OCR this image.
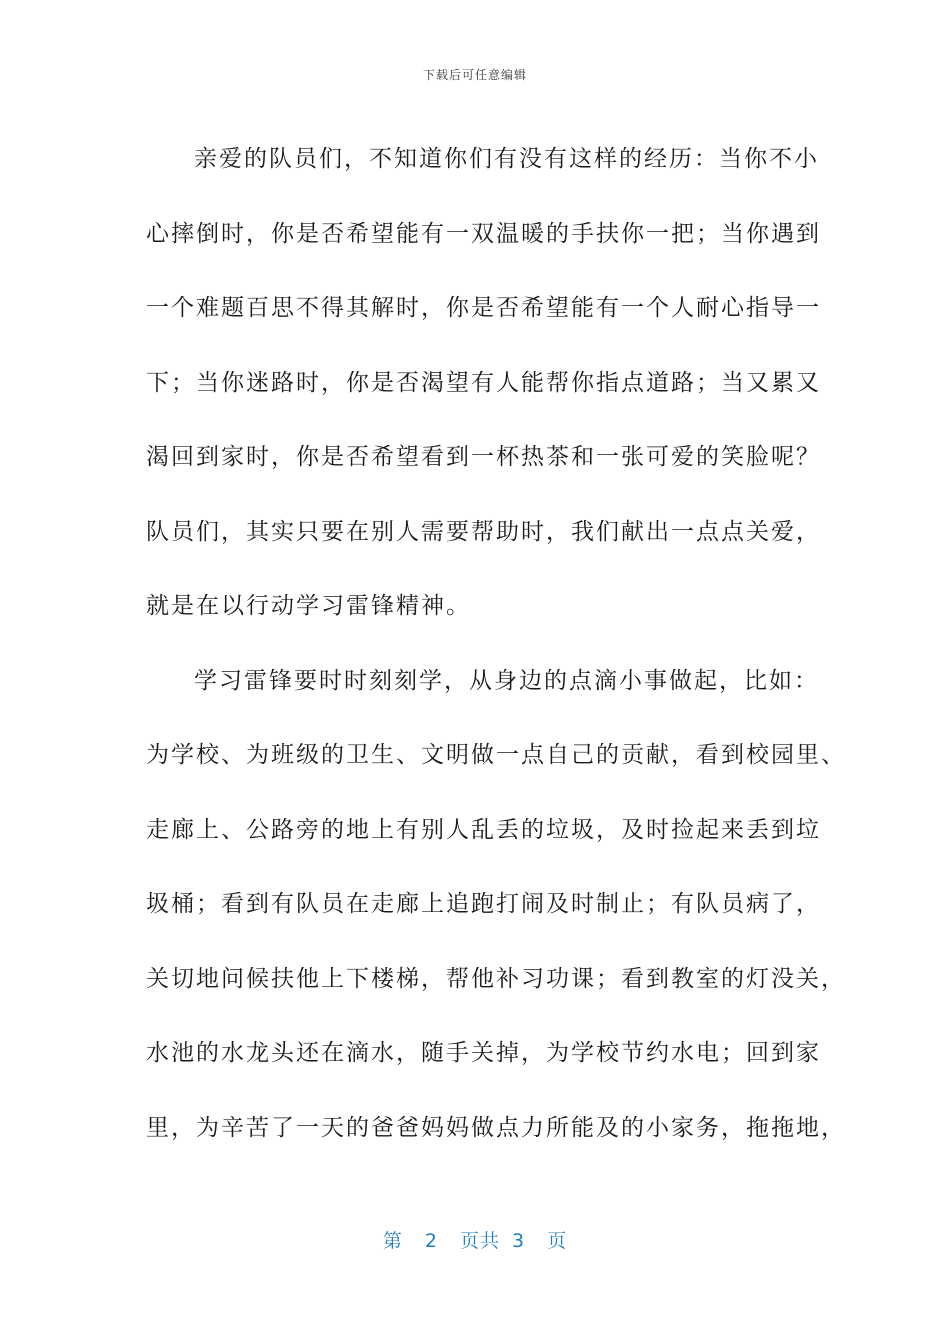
下载后可任意编辑
亲爱的队员们，不知道你们有没有这样的经历：当你不小
心摔倒时，你是否希望能有一双温暖的手扶你一把；当你遇到
一个难题百思不得其解时，你是否希望能有一个人耐心指导一
下；当你迷路时，你是否渴望有人能帮你指点道路；当又累又
渴回到家时，你是否希望看到一杯热茶和一张可爱的笑脸呢？
队员们，其实只要在别人需要帮助时，我们献出一点点关爱，
就是在以行动学习雷锋精神。
学习雷锋要时时刻刻学，从身边的点滴小事做起，比如：
为学校、为班级的卫生、文明做一点自己的贡献，看到校园里、
走廊上、公路旁的地上有别人乱丢的垃圾，及时捡起来丢到垃
圾桶；看到有队员在走廊上追跑打闹及时制止；有队员病了，
关切地问候扶他上下楼梯，帮他补习功课；看到教室的灯没关，
水池的水龙头还在滴水，随手关掉，为学校节约水电；回到家
里，为辛苦了一天的爸爸妈妈做点力所能及的小家务，拖拖地，
第 2 页共 3 页
